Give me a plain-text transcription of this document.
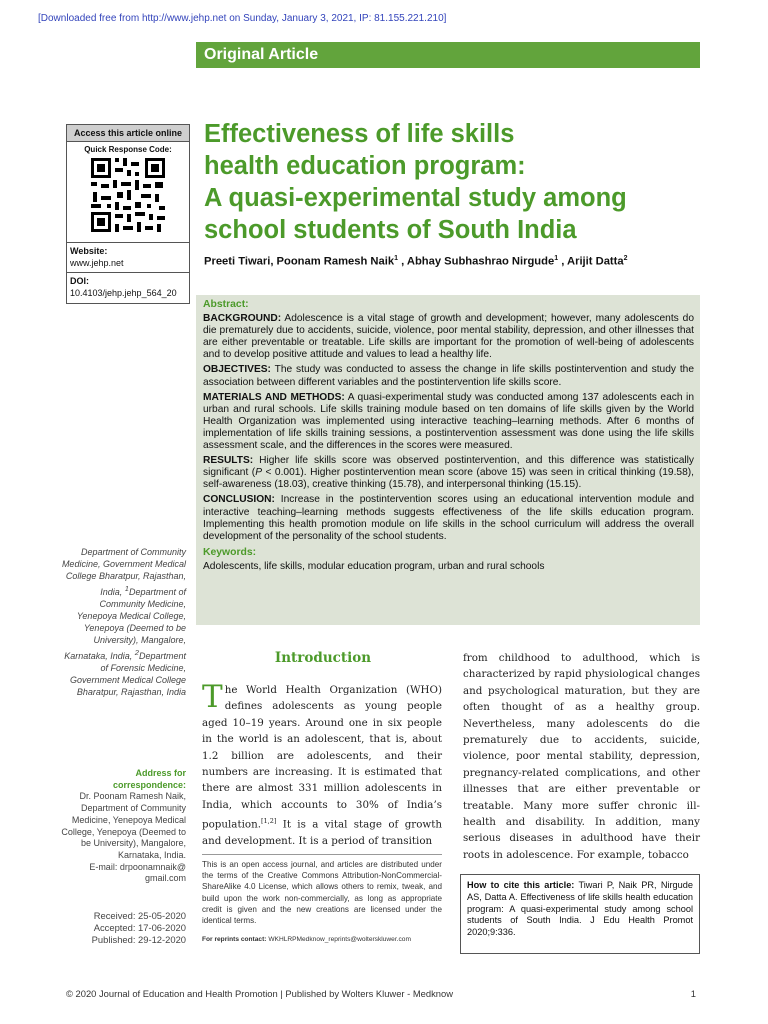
[Downloaded free from http://www.jehp.net on Sunday, January 3, 2021, IP: 81.155.221.210]
Original Article
Access this article online
Quick Response Code:
Website:
www.jehp.net
DOI:
10.4103/jehp.jehp_564_20
Effectiveness of life skills
health education program:
A quasi-experimental study among
school students of South India
Preeti Tiwari, Poonam Ramesh Naik$^1$ , Abhay Subhashrao Nirgude$^1$ , Arijit Datta$^2$

Abstract:

BACKGROUND: Adolescence is a vital stage of growth and development; however, many adolescents do die prematurely due to accidents, suicide, violence, poor mental stability, depression, and other illnesses that are either preventable or treatable. Life skills are important for the promotion of well-being of adolescents and to develop positive attitude and values to lead a healthy life.

OBJECTIVES: The study was conducted to assess the change in life skills postintervention and study the association between different variables and the postintervention life skills score.

MATERIALS AND METHODS: A quasi-experimental study was conducted among 137 adolescents each in urban and rural schools. Life skills training module based on ten domains of life skills given by the World Health Organization was implemented using interactive teaching–learning methods. After 6 months of implementation of life skills training sessions, a postintervention assessment was done using the life skills assessment scale, and the differences in the scores were measured.

RESULTS: Higher life skills score was observed postintervention, and this difference was statistically significant (P < 0.001). Higher postintervention mean score (above 15) was seen in critical thinking (19.58), self-awareness (18.03), creative thinking (15.78), and interpersonal thinking (15.15).

CONCLUSION: Increase in the postintervention scores using an educational intervention module and interactive teaching–learning methods suggests effectiveness of the life skills education program. Implementing this health promotion module on life skills in the school curriculum will address the overall development of the personality of the school students.

Keywords:

Adolescents, life skills, modular education program, urban and rural schools

Department of Community Medicine, Government Medical College Bharatpur, Rajasthan, India, $^1$Department of Community Medicine, Yenepoya Medical College, Yenepoya (Deemed to be University), Mangalore, Karnataka, India, $^2$Department of Forensic Medicine, Government Medical College Bharatpur, Rajasthan, India
Address for correspondence:
Dr. Poonam Ramesh Naik, Department of Community Medicine, Yenepoya Medical College, Yenepoya (Deemed to be University), Mangalore, Karnataka, India.
E-mail: drpoonamnaik@ gmail.com
Received: 25-05-2020
Accepted: 17-06-2020
Published: 29-12-2020
Introduction
The World Health Organization (WHO) defines adolescents as young people aged 10–19 years. Around one in six people in the world is an adolescent, that is, about 1.2 billion are adolescents, and their numbers are increasing. It is estimated that there are almost 331 million adolescents in India, which accounts to 30% of India’s population.[1,2] It is a vital stage of growth and development. It is a period of transition
from childhood to adulthood, which is characterized by rapid physiological changes and psychological maturation, but they are often thought of as a healthy group. Nevertheless, many adolescents do die prematurely due to accidents, suicide, violence, poor mental stability, depression, pregnancy-related complications, and other illnesses that are either preventable or treatable. Many more suffer chronic ill-health and disability. In addition, many serious diseases in adulthood have their roots in adolescence. For example, tobacco
This is an open access journal, and articles are distributed under the terms of the Creative Commons Attribution-NonCommercial-ShareAlike 4.0 License, which allows others to remix, tweak, and build upon the work non-commercially, as long as appropriate credit is given and the new creations are licensed under the identical terms.
For reprints contact: WKHLRPMedknow_reprints@wolterskluwer.com
How to cite this article: Tiwari P, Naik PR, Nirgude AS, Datta A. Effectiveness of life skills health education program: A quasi-experimental study among school students of South India. J Edu Health Promot 2020;9:336.
© 2020 Journal of Education and Health Promotion | Published by Wolters Kluwer - Medknow	1
